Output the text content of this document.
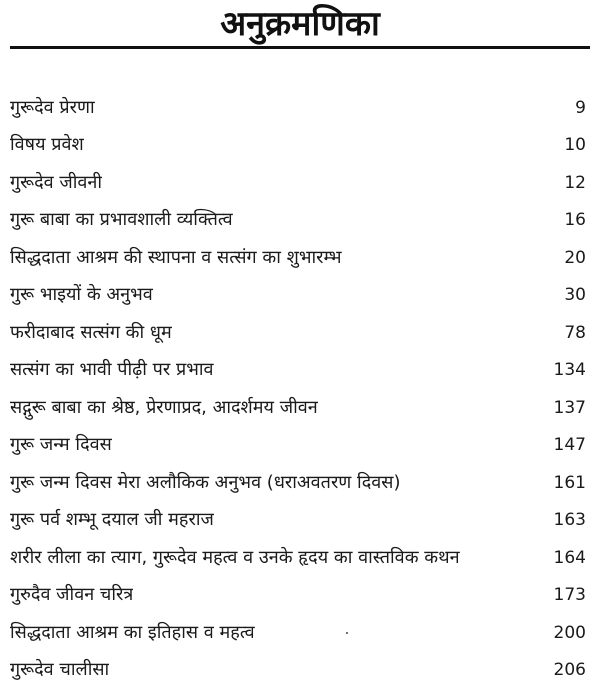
अनुक्रमणिका
गुरूदेव प्रेरणा	9
विषय प्रवेश	10
गुरूदेव जीवनी	12
गुरू बाबा का प्रभावशाली व्यक्तित्व	16
सिद्धदाता आश्रम की स्थापना व सत्संग का शुभारम्भ	20
गुरू भाइयों के अनुभव	30
फरीदाबाद सत्संग की धूम	78
सत्संग का भावी पीढ़ी पर प्रभाव	134
सद्गुरू बाबा का श्रेष्ठ, प्रेरणाप्रद, आदर्शमय जीवन	137
गुरू जन्म दिवस	147
गुरू जन्म दिवस मेरा अलौकिक अनुभव (धराअवतरण दिवस)	161
गुरू पर्व शम्भू दयाल जी महराज	163
शरीर लीला का त्याग, गुरूदेव महत्व व उनके हृदय का वास्तविक कथन	164
गुरुदैव जीवन चरित्र	173
सिद्धदाता आश्रम का इतिहास व महत्व	200
गुरूदेव चालीसा	206
